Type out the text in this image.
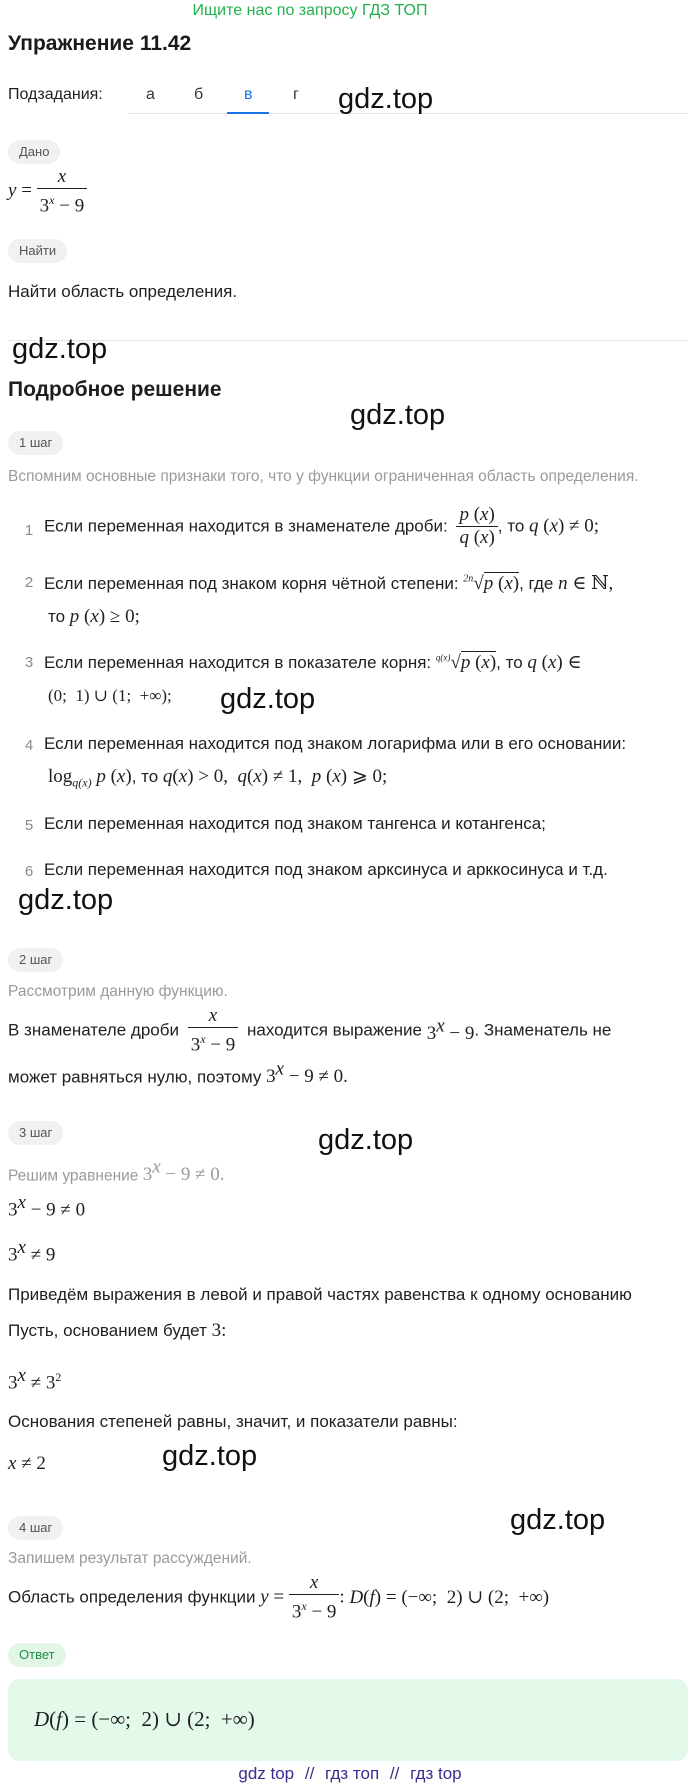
Ищите нас по запросу ГДЗ ТОП
Упражнение 11.42
Подзадания:	а б	в	г gdz.top
Дано
$y = \frac{x}{3^x - 9}$
Найти
Найти область определения.
gdz.top
Подробное решение
gdz.top
1 шаг
Вспомним основные признаки того, что у функции ограниченная область определения.
1 Если переменная находится в знаменателе дроби: $\frac{p (x)}{q (x)}$ , то q (x) ≠ 0;
2 Если переменная под знаком корня чётной степени: $^{2n}$√p (x), где n ∈ ℕ,
то p (x) ≥ 0;
3 Если переменная находится в показателе корня: $^{q(x)}$√p (x), то q (x) ∈
(0;  1) ∪ (1;  +∞); gdz.top
4 Если переменная находится под знаком логарифма или в его основании:
$\log_{q(x)} p$ (x), то q(x) > 0,  q(x) ≠ 1,  p (x) ⩾ 0;
5 Если переменная находится под знаком тангенса и котангенса;
6 Если переменная находится под знаком арксинуса и арккосинуса и т.д.
gdz.top
2 шаг
Рассмотрим данную функцию.
В знаменателе дроби $\frac{x}{3^x - 9}$ находится выражение $3^x - 9$. Знаменатель не
может равняться нулю, поэтому $3^x - 9 \ne 0$.
3 шаг	gdz.top
Решим уравнение $3^x - 9 \ne 0$.
$3^x - 9 \ne 0$
$3^x \ne 9$
Приведём выражения в левой и правой частях равенства к одному основанию
Пусть, основанием будет 3:
$3^x \ne 3^2$
Основания степеней равны, значит, и показатели равны:
x ≠ 2	gdz.top
4 шаг	gdz.top
Запишем результат рассуждений.
Область определения функции $y = \frac{x}{3^x - 9}$ : D(f) = (−∞;  2) ∪ (2;  +∞)
Ответ
D(f) = (−∞;  2) ∪ (2;  +∞)
gdz top // гдз топ // гдз top
